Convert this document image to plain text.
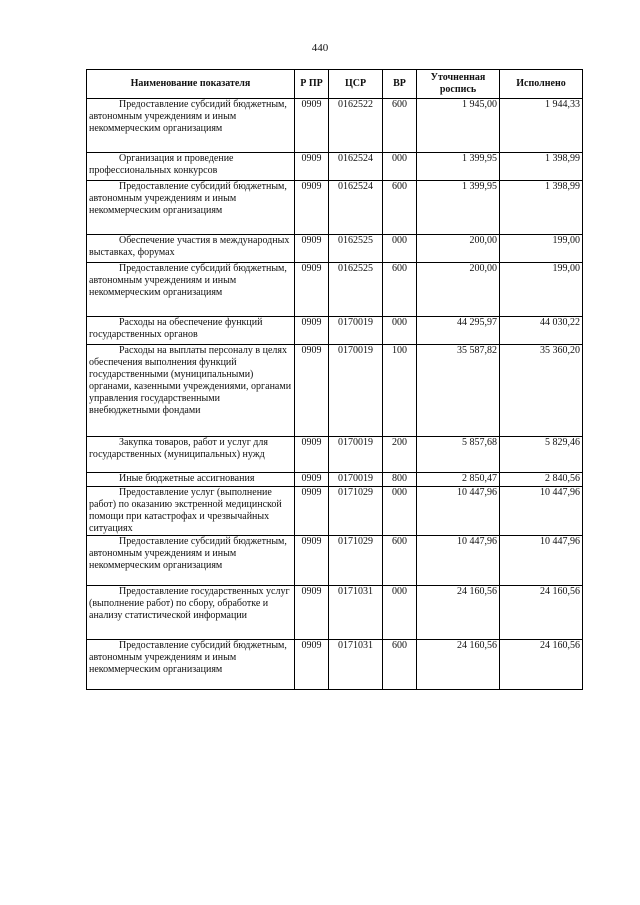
440
Наименование показателя	Р ПР	ЦСР	ВР	Уточненная роспись	Исполнено

Предоставление субсидий бюджетным, автономным учреждениям и иным некоммерческим организациям	0909	0162522	600	1 945,00	1 944,33

Организация и проведение профессиональных конкурсов	0909	0162524	000	1 399,95	1 398,99

Предоставление субсидий бюджетным, автономным учреждениям и иным некоммерческим организациям	0909	0162524	600	1 399,95	1 398,99

Обеспечение участия в международных выставках, форумах	0909	0162525	000	200,00	199,00

Предоставление субсидий бюджетным, автономным учреждениям и иным некоммерческим организациям	0909	0162525	600	200,00	199,00

Расходы на обеспечение функций государственных органов	0909	0170019	000	44 295,97	44 030,22

Расходы на выплаты персоналу в целях обеспечения выполнения функций государственными (муниципальными) органами, казенными учреждениями, органами управления государственными внебюджетными фондами	0909	0170019	100	35 587,82	35 360,20

Закупка товаров, работ и услуг для государственных (муниципальных) нужд	0909	0170019	200	5 857,68	5 829,46

Иные бюджетные ассигнования	0909	0170019	800	2 850,47	2 840,56

Предоставление услуг (выполнение работ) по оказанию экстренной медицинской помощи при катастрофах и чрезвычайных ситуациях	0909	0171029	000	10 447,96	10 447,96

Предоставление субсидий бюджетным, автономным учреждениям и иным некоммерческим организациям	0909	0171029	600	10 447,96	10 447,96

Предоставление государственных услуг (выполнение работ) по сбору, обработке и анализу статистической информации	0909	0171031	000	24 160,56	24 160,56

Предоставление субсидий бюджетным, автономным учреждениям и иным некоммерческим организациям	0909	0171031	600	24 160,56	24 160,56
